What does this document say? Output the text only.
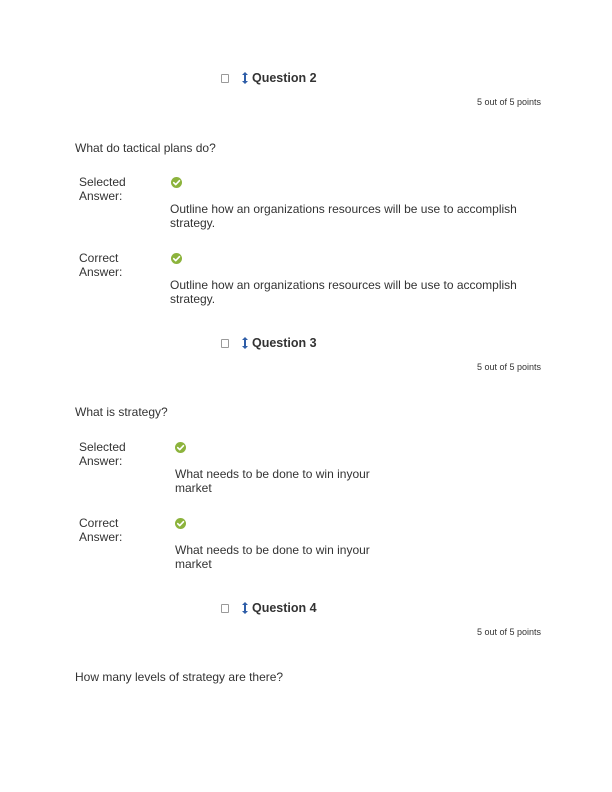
Question 2
5 out of 5 points
What do tactical plans do?
Selected Answer:
Outline how an organizations resources will be use to accomplish strategy.
Correct Answer:
Outline how an organizations resources will be use to accomplish strategy.
Question 3
5 out of 5 points
What is strategy?
Selected Answer:
What needs to be done to win inyour market
Correct Answer:
What needs to be done to win inyour market
Question 4
5 out of 5 points
How many levels of strategy are there?
